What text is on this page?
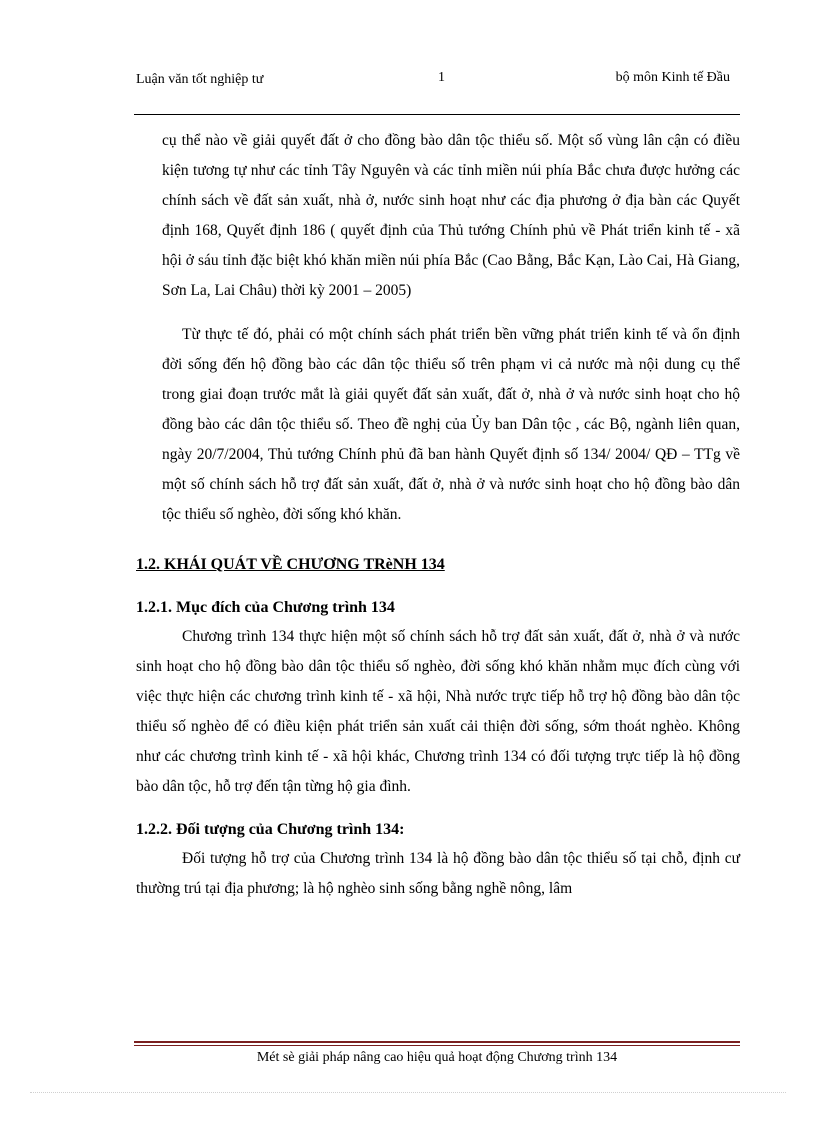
Luận văn tốt nghiệp tư	1	bộ môn Kinh tế Đầu

cụ thể nào về giải quyết đất ở cho đồng bào dân tộc thiểu số. Một số vùng lân cận có điều kiện tương tự như các tỉnh Tây Nguyên và các tỉnh miền núi phía Bắc chưa được hưởng các chính sách về đất sản xuất, nhà ở, nước sinh hoạt như các địa phương ở địa bàn các Quyết định 168, Quyết định 186 ( quyết định của Thủ tướng Chính phủ về Phát triển kinh tế - xã hội ở sáu tỉnh đặc biệt khó khăn miền núi phía Bắc (Cao Bằng, Bắc Kạn, Lào Cai, Hà Giang, Sơn La, Lai Châu) thời kỳ 2001 – 2005)

Từ thực tế đó, phải có một chính sách phát triển bền vững phát triển kinh tế và ổn định đời sống đến hộ đồng bào các dân tộc thiểu số trên phạm vi cả nước mà nội dung cụ thể trong giai đoạn trước mắt là giải quyết đất sản xuất, đất ở, nhà ở và nước sinh hoạt cho hộ đồng bào các dân tộc thiểu số. Theo đề nghị của Ủy ban Dân tộc , các Bộ, ngành liên quan, ngày 20/7/2004, Thủ tướng Chính phủ đã ban hành Quyết định số 134/ 2004/ QĐ – TTg về một số chính sách hỗ trợ đất sản xuất, đất ở, nhà ở và nước sinh hoạt cho hộ đồng bào dân tộc thiểu số nghèo, đời sống khó khăn.

1.2. KHÁI QUÁT VỀ CHƯƠNG TRèNH 134
1.2.1. Mục đích của Chương trình 134

Chương trình 134 thực hiện một số chính sách hỗ trợ đất sản xuất, đất ở, nhà ở và nước sinh hoạt cho hộ đồng bào dân tộc thiểu số nghèo, đời sống khó khăn nhằm mục đích cùng với việc thực hiện các chương trình kinh tế - xã hội, Nhà nước trực tiếp hỗ trợ hộ đồng bào dân tộc thiểu số nghèo để có điều kiện phát triển sản xuất cải thiện đời sống, sớm thoát nghèo. Không như các chương trình kinh tế - xã hội khác, Chương trình 134 có đối tượng trực tiếp là hộ đồng bào dân tộc, hỗ trợ đến tận từng hộ gia đình.

1.2.2. Đối tượng của Chương trình 134:

Đối tượng hỗ trợ của Chương trình 134 là hộ đồng bào dân tộc thiểu số tại chỗ, định cư thường trú tại địa phương; là hộ nghèo sinh sống bằng nghề nông, lâm

Mét sè giải pháp nâng cao hiệu quả hoạt động Chương trình 134
